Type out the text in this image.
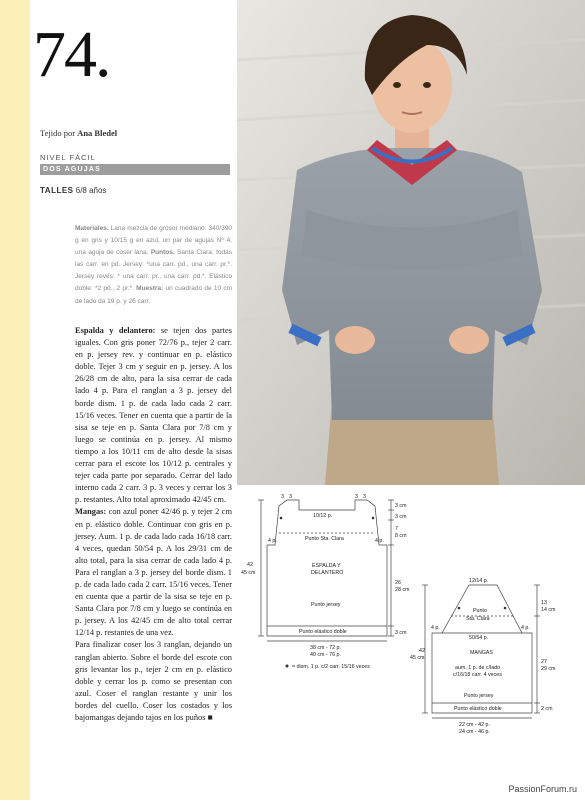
74.
Tejido por Ana Bledel
NIVEL FÁCIL
DOS AGUJAS
TALLES 6/8 años
Materiales. Lana mezcla de grosor mediano: 340/390 g en gris y 10/15 g en azul, un par de agujas Nº 4, una aguja de coser lana. Puntos. Santa Clara: todas las carr. en pd. Jersey: *una carr. pd., una carr. pr.*. Jersey revés: * una carr. pr., una carr. pd.*. Elástico doble: *2 pd., 2 pr.*. Muestra: un cuadrado de 10 cm de lado da 19 p. y 26 carr.

Espalda y delantero: se tejen dos partes iguales. Con gris poner 72/76 p., tejer 2 carr. en p. jersey rev. y continuar en p. elástico doble. Tejer 3 cm y seguir en p. jersey. A los 26/28 cm de alto, para la sisa cerrar de cada lado 4 p. Para el ranglan a 3 p. jersey del borde dism. 1 p. de cada lado cada 2 carr. 15/16 veces. Tener en cuenta que a partir de la sisa se teje en p. Santa Clara por 7/8 cm y luego se continúa en p. jersey. Al mismo tiempo a los 10/11 cm de alto desde la sisas cerrar para el escote los 10/12 p. centrales y tejer cada parte por separado. Cerrar del lado interno cada 2 carr. 3 p. 3 veces y cerrar los 3 p. restantes. Alto total aproximado 42/45 cm.

Mangas: con azul poner 42/46 p. y tejer 2 cm en p. elástico doble. Continuar con gris en p. jersey. Aum. 1 p. de cada lado cada 16/18 carr. 4 veces, quedan 50/54 p. A los 29/31 cm de alto total, para la sisa cerrar de cada lado 4 p. Para el ranglan a 3 p. jersey del borde dism. 1 p. de cada lado cada 2 carr. 15/16 veces. Tener en cuenta que a partir de la sisa se teje en p. Santa Clara por 7/8 cm y luego se continúa en p. jersey. A los 42/45 cm de alto total cerrar 12/14 p. restantes de una vez.

Para finalizar coser los 3 ranglan, dejando un ranglan abierto. Sobre el borde del escote con gris levantar los p., tejer 2 cm en p. elástico doble y cerrar los p. como se presentan con azul. Coser el ranglan restante y unir los bordes del cuello. Coser los costados y los bajomangas dejando tajos en los puños ■

3 3	3 3
10/12 p.
Punto Sta. Clara
ESPALDA Y
DELANTERO
Punto jersey
Punto elástico doble
4 p.	4 p.
42
45 cm
3 cm
3 cm
7
8 cm
26
28 cm
3 cm
38 cm - 72 p.
40 cm - 76 p.
= dism. 1 p. c/2 carr. 15/16 veces
12/14 p.
Punto
Sta. Clara
4 p.	4 p.
50/54 p.
MANGAS
aum. 1 p. de c/lado
c/16/18 carr. 4 veces
Punto jersey
Punto elástico doble
13
14 cm
42
45 cm
27
29 cm
2 cm
22 cm - 42 p.
24 cm - 46 p.
PassionForum.ru
